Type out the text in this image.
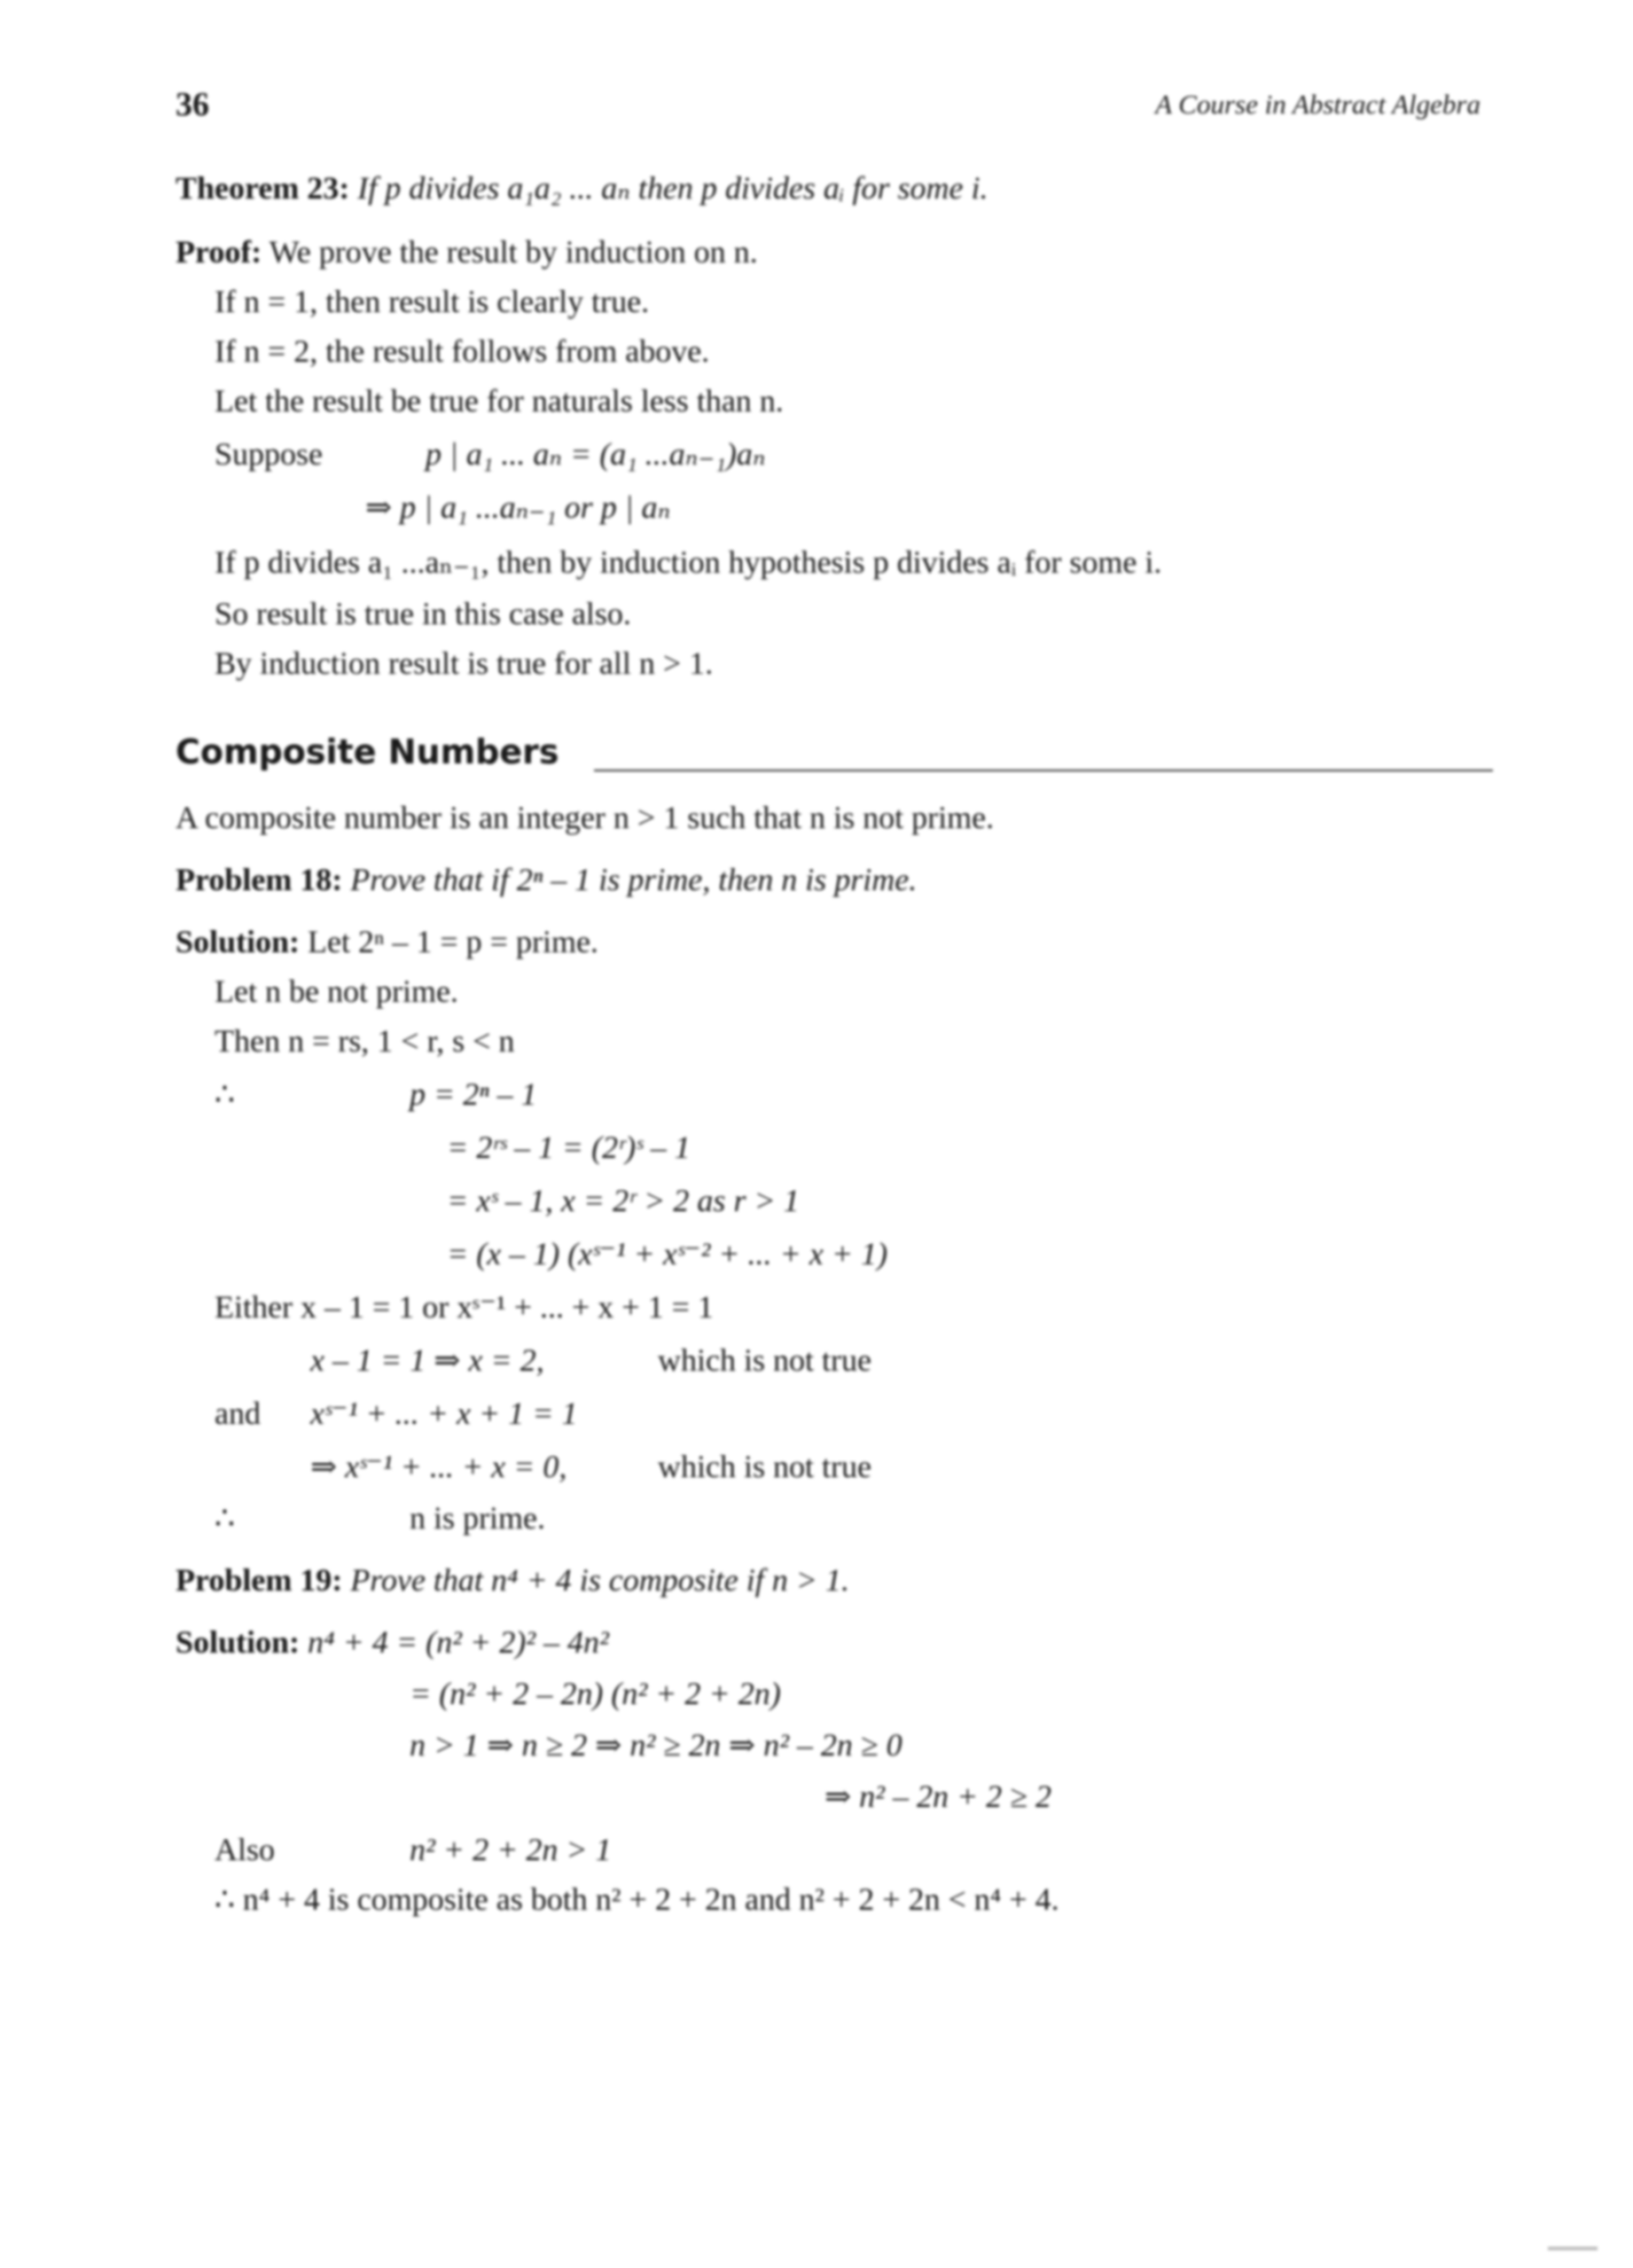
36	A Course in Abstract Algebra
Theorem 23: If p divides a₁a₂ ... aₙ then p divides aᵢ for some i.
Proof: We prove the result by induction on n.
If n = 1, then result is clearly true.
If n = 2, the result follows from above.
Let the result be true for naturals less than n.
Suppose	p | a₁ ... aₙ = (a₁ ...aₙ₋₁)aₙ
⇒ p | a₁ ...aₙ₋₁ or p | aₙ
If p divides a₁ ...aₙ₋₁, then by induction hypothesis p divides aᵢ for some i.
So result is true in this case also.
By induction result is true for all n > 1.
Composite Numbers
A composite number is an integer n > 1 such that n is not prime.
Problem 18: Prove that if 2ⁿ – 1 is prime, then n is prime.
Solution: Let 2ⁿ – 1 = p = prime.
Let n be not prime.
Then n = rs, 1 < r, s < n
∴	p = 2ⁿ – 1
= 2ʳˢ – 1 = (2ʳ)ˢ – 1
= xˢ – 1, x = 2ʳ > 2 as r > 1
= (x – 1) (xˢ⁻¹ + xˢ⁻² + ... + x + 1)
Either x – 1 = 1 or xˢ⁻¹ + ... + x + 1 = 1
x – 1 = 1 ⇒ x = 2,	which is not true
and xˢ⁻¹ + ... + x + 1 = 1
⇒ xˢ⁻¹ + ... + x = 0,	which is not true
∴	n is prime.
Problem 19: Prove that n⁴ + 4 is composite if n > 1.
Solution: n⁴ + 4 = (n² + 2)² – 4n²
= (n² + 2 – 2n) (n² + 2 + 2n)
n > 1 ⇒ n ≥ 2 ⇒ n² ≥ 2n ⇒ n² – 2n ≥ 0
⇒ n² – 2n + 2 ≥ 2
Also	n² + 2 + 2n > 1
∴ n⁴ + 4 is composite as both n² + 2 + 2n and n² + 2 + 2n < n⁴ + 4.
